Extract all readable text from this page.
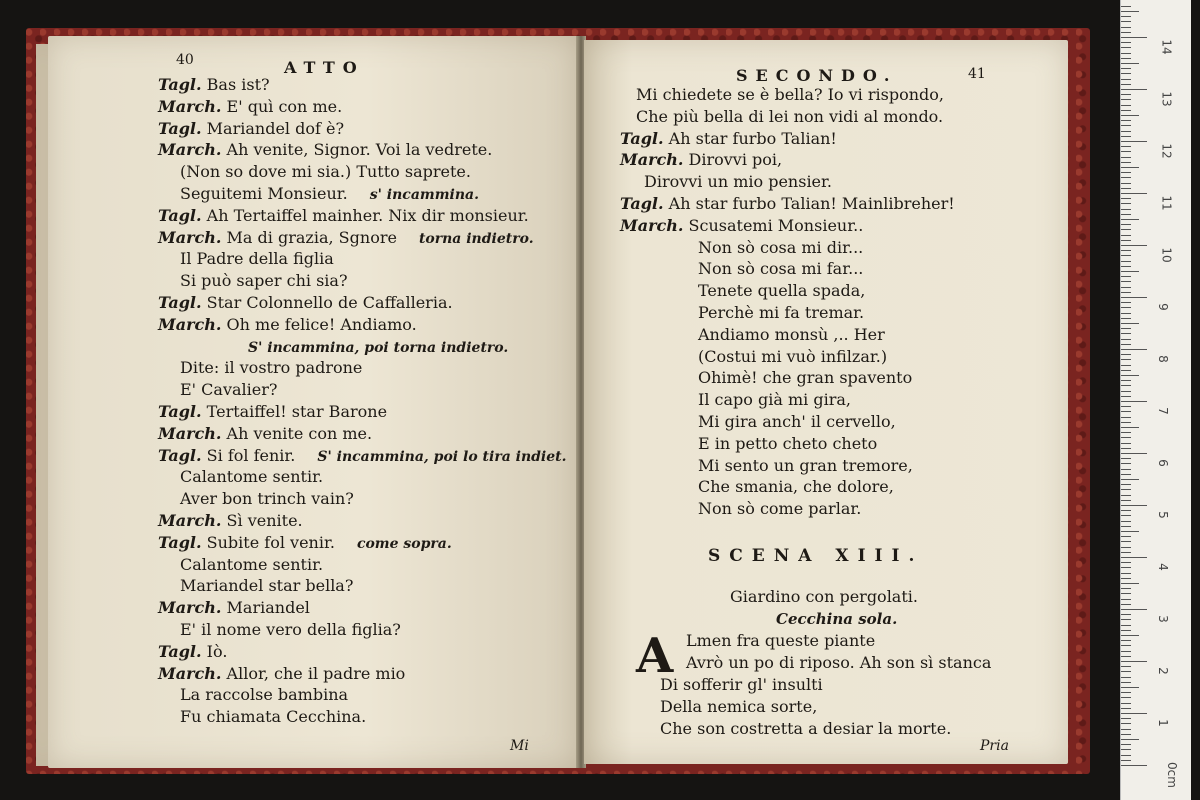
40	ATTO
Tagl. Bas ist?
March. E' quì con me.
Tagl. Mariandel dof è?
March. Ah venite, Signor. Voi la vedrete.
(Non so dove mi sia.) Tutto saprete.
Seguitemi Monsieur. s' incammina.
Tagl. Ah Tertaiffel mainher. Nix dir monsieur.
March. Ma di grazia, Sgnore torna indietro.
Il Padre della figlia
Si può saper chi sia?
Tagl. Star Colonnello de Caffalleria.
March. Oh me felice! Andiamo.
S' incammina, poi torna indietro.
Dite: il vostro padrone
E' Cavalier?
Tagl. Tertaiffel! star Barone
March. Ah venite con me.
Tagl. Si fol fenir. S' incammina, poi lo tira indiet.
Calantome sentir.
Aver bon trinch vain?
March. Sì venite.
Tagl. Subite fol venir. come sopra.
Calantome sentir.
Mariandel star bella?
March. Mariandel
E' il nome vero della figlia?
Tagl. Iò.
March. Allor, che il padre mio
La raccolse bambina
Fu chiamata Cecchina.
Mi
SECONDO.	41
Mi chiedete se è bella? Io vi rispondo,
Che più bella di lei non vidi al mondo.
Tagl. Ah star furbo Talian!
March. Dirovvi poi,
Dirovvi un mio pensier.
Tagl. Ah star furbo Talian! Mainlibreher!
March. Scusatemi Monsieur..
Non sò cosa mi dir...
Non sò cosa mi far...
Tenete quella spada,
Perchè mi fa tremar.
Andiamo monsù ,.. Her
(Costui mi vuò infilzar.)
Ohimè! che gran spavento
Il capo già mi gira,
Mi gira anch' il cervello,
E in petto cheto cheto
Mi sento un gran tremore,
Che smania, che dolore,
Non sò come parlar.
SCENA XIII.
Giardino con pergolati.
Cecchina sola.
A Lmen fra queste piante
Avrò un po di riposo. Ah son sì stanca
Di sofferir gl' insulti
Della nemica sorte,
Che son costretta a desiar la morte.
Pria
14
13
12
11
10
9
8
7
6
5
4
3
2
1
0cm
